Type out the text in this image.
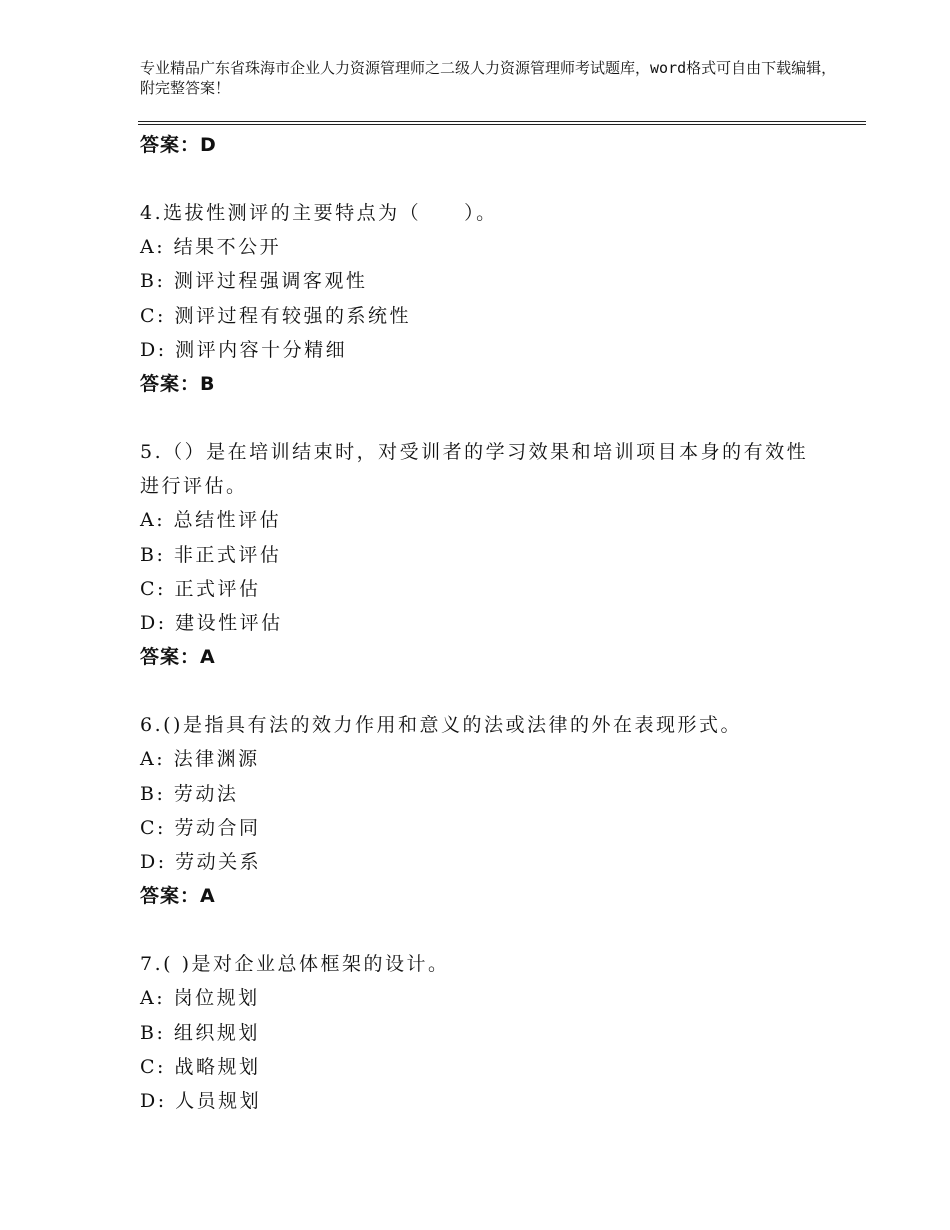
专业精品广东省珠海市企业人力资源管理师之二级人力资源管理师考试题库，word格式可自由下载编辑，附完整答案！
答案：D
4.选拔性测评的主要特点为（　　）。
A: 结果不公开
B: 测评过程强调客观性
C: 测评过程有较强的系统性
D: 测评内容十分精细
答案：B
5.（）是在培训结束时，对受训者的学习效果和培训项目本身的有效性进行评估。
A: 总结性评估
B: 非正式评估
C: 正式评估
D: 建设性评估
答案：A
6.()是指具有法的效力作用和意义的法或法律的外在表现形式。
A: 法律渊源
B: 劳动法
C: 劳动合同
D: 劳动关系
答案：A
7.( )是对企业总体框架的设计。
A: 岗位规划
B: 组织规划
C: 战略规划
D: 人员规划
